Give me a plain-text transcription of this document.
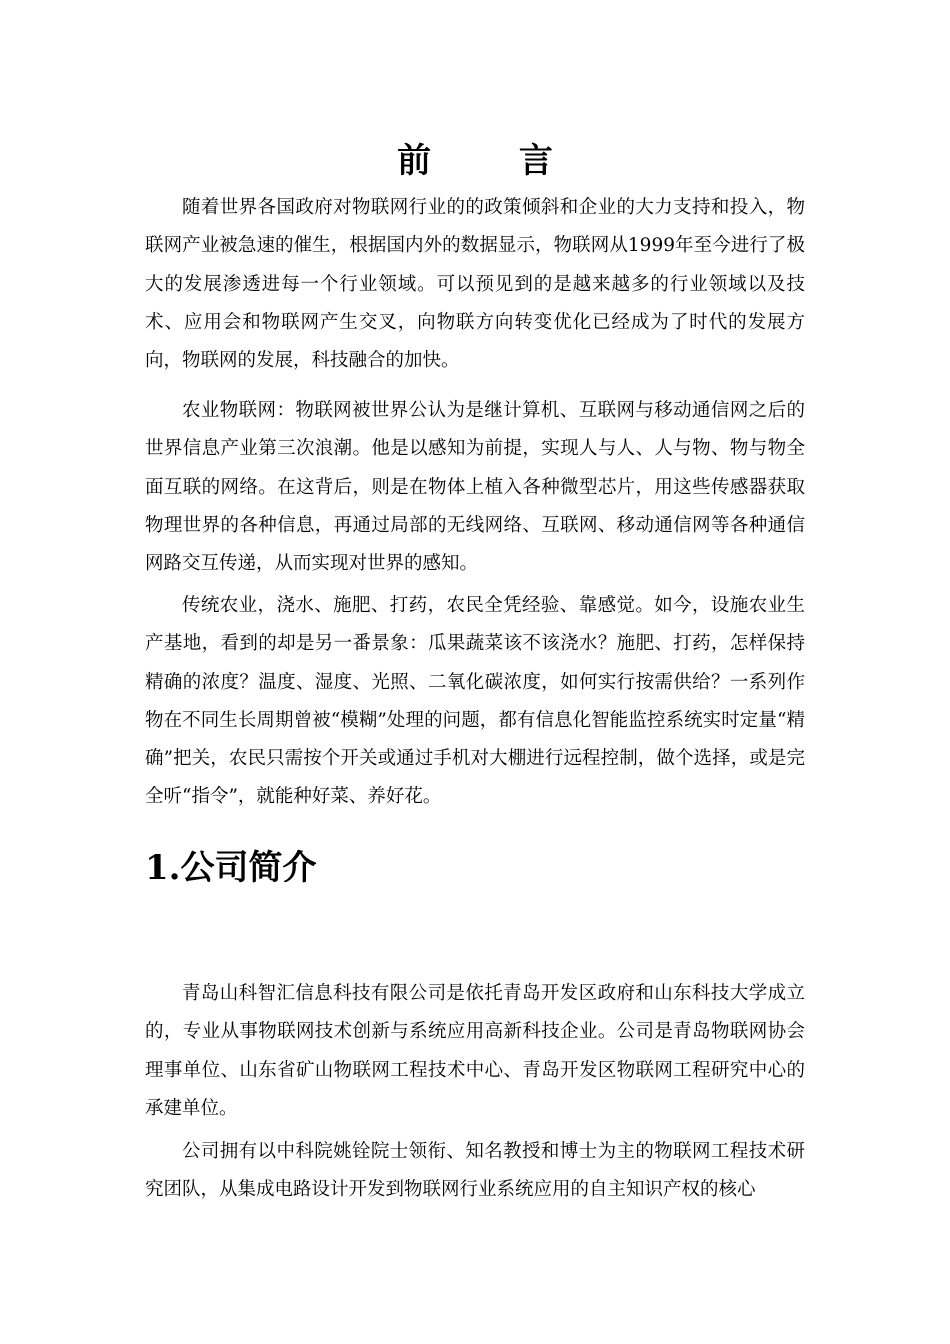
前 言

随着世界各国政府对物联网行业的的政策倾斜和企业的大力支持和投入，物联网产业被急速的催生，根据国内外的数据显示，物联网从1999年至今进行了极大的发展渗透进每一个行业领域。可以预见到的是越来越多的行业领域以及技术、应用会和物联网产生交叉，向物联方向转变优化已经成为了时代的发展方向，物联网的发展，科技融合的加快。

农业物联网：物联网被世界公认为是继计算机、互联网与移动通信网之后的世界信息产业第三次浪潮。他是以感知为前提，实现人与人、人与物、物与物全面互联的网络。在这背后，则是在物体上植入各种微型芯片，用这些传感器获取物理世界的各种信息，再通过局部的无线网络、互联网、移动通信网等各种通信网路交互传递，从而实现对世界的感知。

传统农业，浇水、施肥、打药，农民全凭经验、靠感觉。如今，设施农业生产基地，看到的却是另一番景象：瓜果蔬菜该不该浇水？施肥、打药，怎样保持精确的浓度？温度、湿度、光照、二氧化碳浓度，如何实行按需供给？一系列作物在不同生长周期曾被“模糊”处理的问题，都有信息化智能监控系统实时定量“精确”把关，农民只需按个开关或通过手机对大棚进行远程控制，做个选择，或是完全听“指令”，就能种好菜、养好花。

1.公司简介

青岛山科智汇信息科技有限公司是依托青岛开发区政府和山东科技大学成立的，专业从事物联网技术创新与系统应用高新科技企业。公司是青岛物联网协会理事单位、山东省矿山物联网工程技术中心、青岛开发区物联网工程研究中心的承建单位。

公司拥有以中科院姚铨院士领衔、知名教授和博士为主的物联网工程技术研究团队，从集成电路设计开发到物联网行业系统应用的自主知识产权的核心
